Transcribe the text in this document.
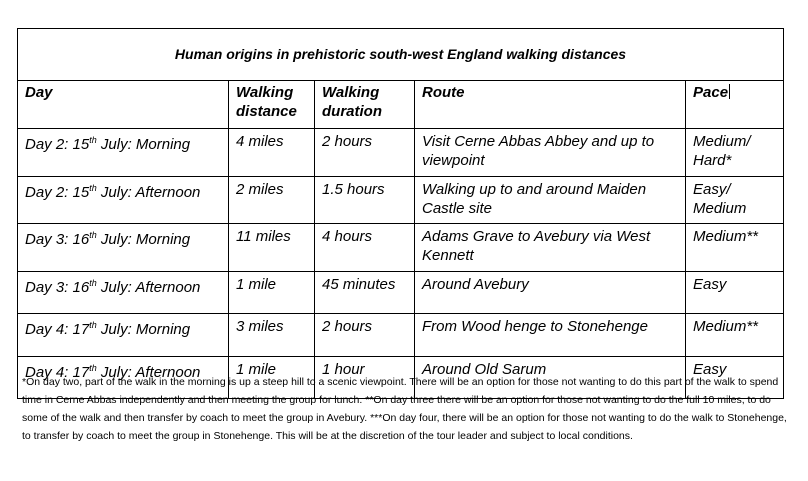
Human origins in prehistoric south-west England walking distances				
Day	Walking distance	Walking duration	Route	Pace
Day 2: 15th July: Morning	4 miles	2 hours	Visit Cerne Abbas Abbey and up to viewpoint	Medium/ Hard*
Day 2: 15th July: Afternoon	2 miles	1.5 hours	Walking up to and around Maiden Castle site	Easy/ Medium
Day 3: 16th July: Morning	11 miles	4 hours	Adams Grave to Avebury via West Kennett	Medium**
Day 3: 16th July: Afternoon	1 mile	45 minutes	Around Avebury	Easy
Day 4: 17th July: Morning	3 miles	2 hours	From Wood henge to Stonehenge	Medium**
Day 4: 17th July: Afternoon	1 mile	1 hour	Around Old Sarum	Easy
*On day two, part of the walk in the morning is up a steep hill to a scenic viewpoint. There will be an option for those not wanting to do this part of the walk to spend time in Cerne Abbas independently and then meeting the group for lunch. **On day three there will be an option for those not wanting to do the full 10 miles, to do some of the walk and then transfer by coach to meet the group in Avebury. ***On day four, there will be an option for those not wanting to do the walk to Stonehenge, to transfer by coach to meet the group in Stonehenge. This will be at the discretion of the tour leader and subject to local conditions.
